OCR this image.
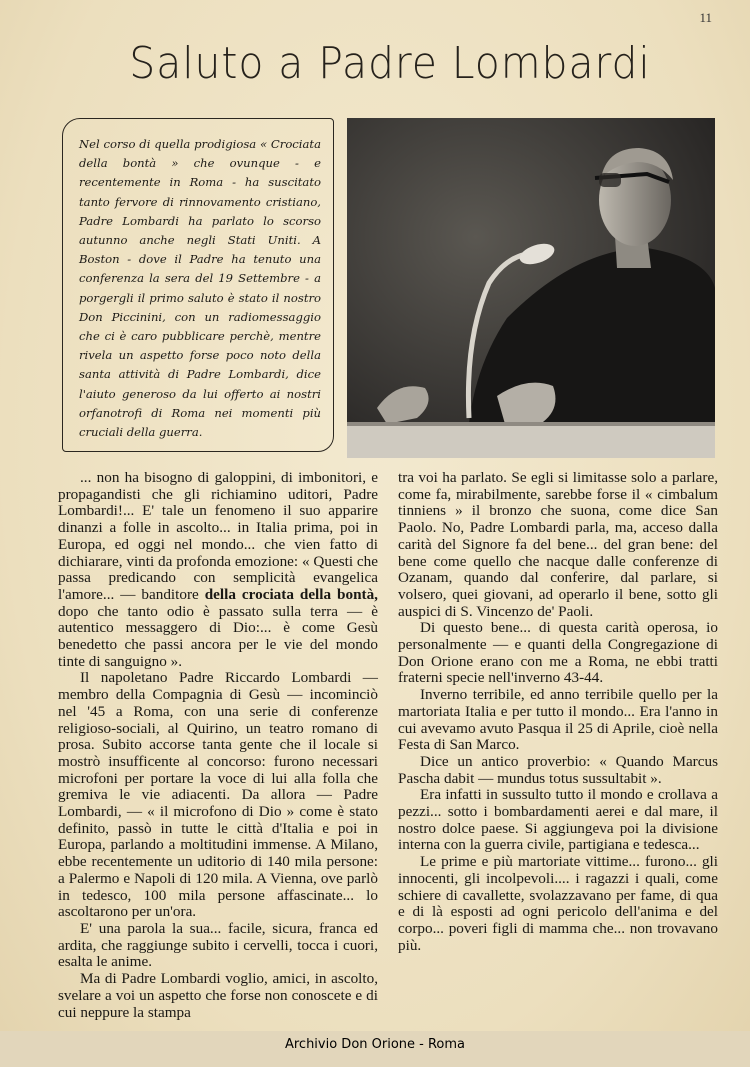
11
Saluto a Padre Lombardi

Nel corso di quella prodigiosa « Crociata della bontà » che ovunque - e recentemente in Roma - ha suscitato tanto fervore di rinnovamento cristiano, Padre Lombardi ha parlato lo scorso autunno anche negli Stati Uniti. A Boston - dove il Padre ha tenuto una conferenza la sera del 19 Settembre - a porgergli il primo saluto è stato il nostro Don Piccinini, con un radiomessaggio che ci è caro pubblicare perchè, mentre rivela un aspetto forse poco noto della santa attività di Padre Lombardi, dice l'aiuto generoso da lui offerto ai nostri orfanotrofi di Roma nei momenti più cruciali della guerra.

... non ha bisogno di galoppini, di imbonitori, e propagandisti che gli richiamino uditori, Padre Lombardi!... E' tale un fenomeno il suo apparire dinanzi a folle in ascolto... in Italia prima, poi in Europa, ed oggi nel mondo... che vien fatto di dichiarare, vinti da profonda emozione: « Questi che passa predicando con semplicità evangelica l'amore... — banditore della crociata della bontà, dopo che tanto odio è passato sulla terra — è autentico messaggero di Dio:... è come Gesù benedetto che passi ancora per le vie del mondo tinte di sanguigno ».

Il napoletano Padre Riccardo Lombardi — membro della Compagnia di Gesù — incominciò nel '45 a Roma, con una serie di conferenze religioso-sociali, al Quirino, un teatro romano di prosa. Subito accorse tanta gente che il locale si mostrò insufficente al concorso: furono necessari microfoni per portare la voce di lui alla folla che gremiva le vie adiacenti. Da allora — Padre Lombardi, — « il microfono di Dio » come è stato definito, passò in tutte le città d'Italia e poi in Europa, parlando a moltitudini immense. A Milano, ebbe recentemente un uditorio di 140 mila persone: a Palermo e Napoli di 120 mila. A Vienna, ove parlò in tedesco, 100 mila persone affascinate... lo ascoltarono per un'ora.

E' una parola la sua... facile, sicura, franca ed ardita, che raggiunge subito i cervelli, tocca i cuori, esalta le anime.

Ma di Padre Lombardi voglio, amici, in ascolto, svelare a voi un aspetto che forse non conoscete e di cui neppure la stampa

tra voi ha parlato. Se egli si limitasse solo a parlare, come fa, mirabilmente, sarebbe forse il « cimbalum tinniens » il bronzo che suona, come dice San Paolo. No, Padre Lombardi parla, ma, acceso dalla carità del Signore fa del bene... del gran bene: del bene come quello che nacque dalle conferenze di Ozanam, quando dal conferire, dal parlare, si volsero, quei giovani, ad operarlo il bene, sotto gli auspici di S. Vincenzo de' Paoli.

Di questo bene... di questa carità operosa, io personalmente — e quanti della Congregazione di Don Orione erano con me a Roma, ne ebbi tratti fraterni specie nell'inverno 43-44.

Inverno terribile, ed anno terribile quello per la martoriata Italia e per tutto il mondo... Era l'anno in cui avevamo avuto Pasqua il 25 di Aprile, cioè nella Festa di San Marco.

Dice un antico proverbio: « Quando Marcus Pascha dabit — mundus totus sussultabit ».

Era infatti in sussulto tutto il mondo e crollava a pezzi... sotto i bombardamenti aerei e dal mare, il nostro dolce paese. Si aggiungeva poi la divisione interna con la guerra civile, partigiana e tedesca...

Le prime e più martoriate vittime... furono... gli innocenti, gli incolpevoli.... i ragazzi i quali, come schiere di cavallette, svolazzavano per fame, di qua e di là esposti ad ogni pericolo dell'anima e del corpo... poveri figli di mamma che... non trovavano più.

Archivio Don Orione - Roma
